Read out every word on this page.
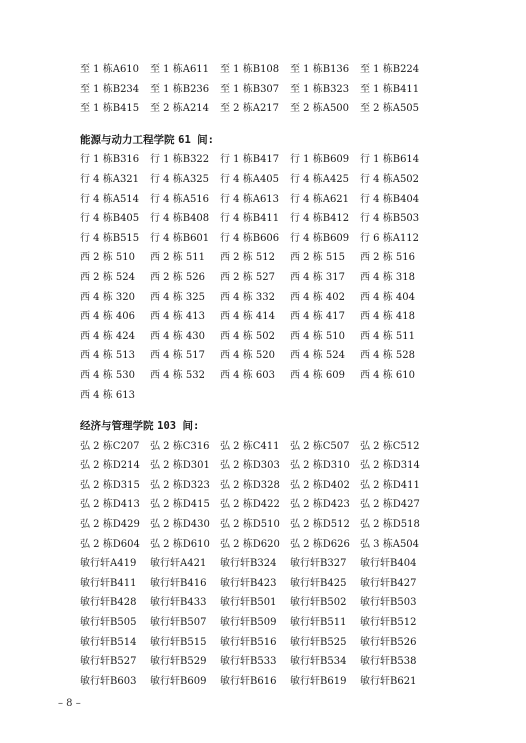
至 1 栋A610	至 1 栋A611	至 1 栋B108	至 1 栋B136	至 1 栋B224
至 1 栋B234	至 1 栋B236	至 1 栋B307	至 1 栋B323	至 1 栋B411
至 1 栋B415	至 2 栋A214	至 2 栋A217	至 2 栋A500	至 2 栋A505
能源与动力工程学院 61 间:
行 1 栋B316	行 1 栋B322	行 1 栋B417	行 1 栋B609	行 1 栋B614
行 4 栋A321	行 4 栋A325	行 4 栋A405	行 4 栋A425	行 4 栋A502
行 4 栋A514	行 4 栋A516	行 4 栋A613	行 4 栋A621	行 4 栋B404
行 4 栋B405	行 4 栋B408	行 4 栋B411	行 4 栋B412	行 4 栋B503
行 4 栋B515	行 4 栋B601	行 4 栋B606	行 4 栋B609	行 6 栋A112
西 2 栋 510	西 2 栋 511	西 2 栋 512	西 2 栋 515	西 2 栋 516
西 2 栋 524	西 2 栋 526	西 2 栋 527	西 4 栋 317	西 4 栋 318
西 4 栋 320	西 4 栋 325	西 4 栋 332	西 4 栋 402	西 4 栋 404
西 4 栋 406	西 4 栋 413	西 4 栋 414	西 4 栋 417	西 4 栋 418
西 4 栋 424	西 4 栋 430	西 4 栋 502	西 4 栋 510	西 4 栋 511
西 4 栋 513	西 4 栋 517	西 4 栋 520	西 4 栋 524	西 4 栋 528
西 4 栋 530	西 4 栋 532	西 4 栋 603	西 4 栋 609	西 4 栋 610
西 4 栋 613
经济与管理学院 103 间:
弘 2 栋C207	弘 2 栋C316	弘 2 栋C411	弘 2 栋C507	弘 2 栋C512
弘 2 栋D214	弘 2 栋D301	弘 2 栋D303	弘 2 栋D310	弘 2 栋D314
弘 2 栋D315	弘 2 栋D323	弘 2 栋D328	弘 2 栋D402	弘 2 栋D411
弘 2 栋D413	弘 2 栋D415	弘 2 栋D422	弘 2 栋D423	弘 2 栋D427
弘 2 栋D429	弘 2 栋D430	弘 2 栋D510	弘 2 栋D512	弘 2 栋D518
弘 2 栋D604	弘 2 栋D610	弘 2 栋D620	弘 2 栋D626	弘 3 栋A504
敏行轩A419	敏行轩A421	敏行轩B324	敏行轩B327	敏行轩B404
敏行轩B411	敏行轩B416	敏行轩B423	敏行轩B425	敏行轩B427
敏行轩B428	敏行轩B433	敏行轩B501	敏行轩B502	敏行轩B503
敏行轩B505	敏行轩B507	敏行轩B509	敏行轩B511	敏行轩B512
敏行轩B514	敏行轩B515	敏行轩B516	敏行轩B525	敏行轩B526
敏行轩B527	敏行轩B529	敏行轩B533	敏行轩B534	敏行轩B538
敏行轩B603	敏行轩B609	敏行轩B616	敏行轩B619	敏行轩B621
– 8 –
